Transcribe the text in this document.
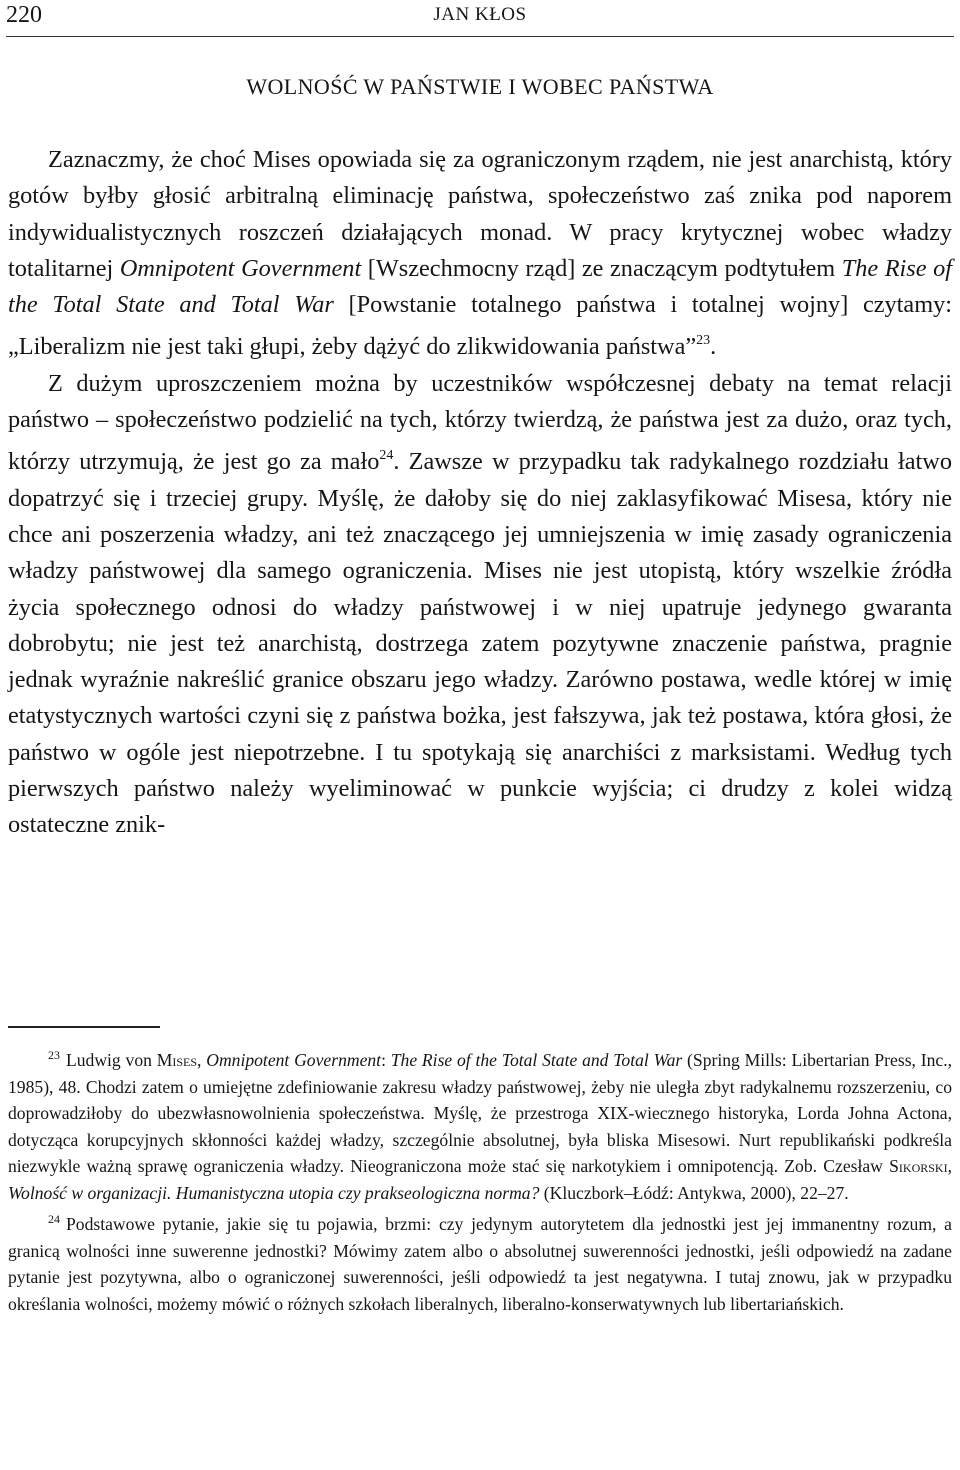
220	JAN KŁOS
WOLNOŚĆ W PAŃSTWIE I WOBEC PAŃSTWA

Zaznaczmy, że choć Mises opowiada się za ograniczonym rządem, nie jest anarchistą, który gotów byłby głosić arbitralną eliminację państwa, społeczeństwo zaś znika pod naporem indywidualistycznych roszczeń działających monad. W pracy krytycznej wobec władzy totalitarnej Omnipotent Government [Wszechmocny rząd] ze znaczącym podtytułem The Rise of the Total State and Total War [Powstanie totalnego państwa i totalnej wojny] czytamy: „Liberalizm nie jest taki głupi, żeby dążyć do zlikwidowania państwa”$^{23}$.

Z dużym uproszczeniem można by uczestników współczesnej debaty na temat relacji państwo – społeczeństwo podzielić na tych, którzy twierdzą, że państwa jest za dużo, oraz tych, którzy utrzymują, że jest go za mało$^{24}$. Zawsze w przypadku tak radykalnego rozdziału łatwo dopatrzyć się i trzeciej grupy. Myślę, że dałoby się do niej zaklasyfikować Misesa, który nie chce ani poszerzenia władzy, ani też znaczącego jej umniejszenia w imię zasady ograniczenia władzy państwowej dla samego ograniczenia. Mises nie jest utopistą, który wszelkie źródła życia społecznego odnosi do władzy państwowej i w niej upatruje jedynego gwaranta dobrobytu; nie jest też anarchistą, dostrzega zatem pozytywne znaczenie państwa, pragnie jednak wyraźnie nakreślić granice obszaru jego władzy. Zarówno postawa, wedle której w imię etatystycznych wartości czyni się z państwa bożka, jest fałszywa, jak też postawa, która głosi, że państwo w ogóle jest niepotrzebne. I tu spotykają się anarchiści z marksistami. Według tych pierwszych państwo należy wyeliminować w punkcie wyjścia; ci drudzy z kolei widzą ostateczne znik-

$^{23}$ Ludwig von Mises, Omnipotent Government: The Rise of the Total State and Total War (Spring Mills: Libertarian Press, Inc., 1985), 48. Chodzi zatem o umiejętne zdefiniowanie zakresu władzy państwowej, żeby nie uległa zbyt radykalnemu rozszerzeniu, co doprowadziłoby do ubezwłasnowolnienia społeczeństwa. Myślę, że przestroga XIX-wiecznego historyka, Lorda Johna Actona, dotycząca korupcyjnych skłonności każdej władzy, szczególnie absolutnej, była bliska Misesowi. Nurt republikański podkreśla niezwykle ważną sprawę ograniczenia władzy. Nieograniczona może stać się narkotykiem i omnipotencją. Zob. Czesław Sikorski, Wolność w organizacji. Humanistyczna utopia czy prakseologiczna norma? (Kluczbork–Łódź: Antykwa, 2000), 22–27.

$^{24}$ Podstawowe pytanie, jakie się tu pojawia, brzmi: czy jedynym autorytetem dla jednostki jest jej immanentny rozum, a granicą wolności inne suwerenne jednostki? Mówimy zatem albo o absolutnej suwerenności jednostki, jeśli odpowiedź na zadane pytanie jest pozytywna, albo o ograniczonej suwerenności, jeśli odpowiedź ta jest negatywna. I tutaj znowu, jak w przypadku określania wolności, możemy mówić o różnych szkołach liberalnych, liberalno-konserwatywnych lub libertariańskich.
